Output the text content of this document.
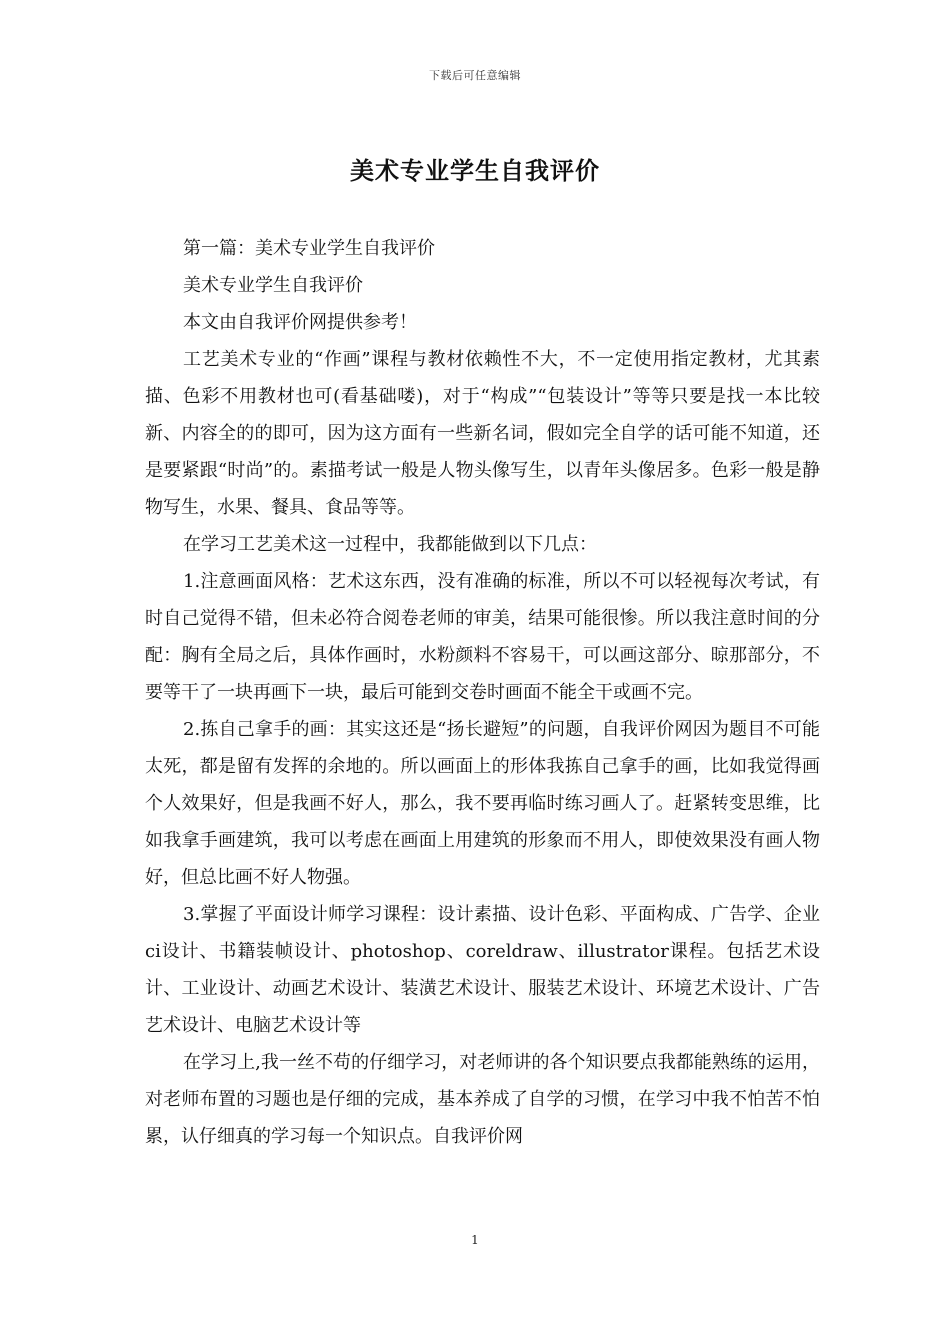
下载后可任意编辑
美术专业学生自我评价

第一篇：美术专业学生自我评价

美术专业学生自我评价

本文由自我评价网提供参考！

工艺美术专业的“作画”课程与教材依赖性不大，不一定使用指定教材，尤其素描、色彩不用教材也可(看基础喽)，对于“构成”“包装设计”等等只要是找一本比较新、内容全的的即可，因为这方面有一些新名词，假如完全自学的话可能不知道，还是要紧跟“时尚”的。素描考试一般是人物头像写生，以青年头像居多。色彩一般是静物写生，水果、餐具、食品等等。

在学习工艺美术这一过程中，我都能做到以下几点：

1.注意画面风格：艺术这东西，没有准确的标准，所以不可以轻视每次考试，有时自己觉得不错，但未必符合阅卷老师的审美，结果可能很惨。所以我注意时间的分配：胸有全局之后，具体作画时，水粉颜料不容易干，可以画这部分、晾那部分，不要等干了一块再画下一块，最后可能到交卷时画面不能全干或画不完。

2.拣自己拿手的画：其实这还是“扬长避短”的问题，自我评价网因为题目不可能太死，都是留有发挥的余地的。所以画面上的形体我拣自己拿手的画，比如我觉得画个人效果好，但是我画不好人，那么，我不要再临时练习画人了。赶紧转变思维，比如我拿手画建筑，我可以考虑在画面上用建筑的形象而不用人，即使效果没有画人物好，但总比画不好人物强。

3.掌握了平面设计师学习课程：设计素描、设计色彩、平面构成、广告学、企业ci设计、书籍装帧设计、photoshop、coreldraw、illustrator课程。包括艺术设计、工业设计、动画艺术设计、装潢艺术设计、服装艺术设计、环境艺术设计、广告艺术设计、电脑艺术设计等

在学习上,我一丝不苟的仔细学习，对老师讲的各个知识要点我都能熟练的运用，对老师布置的习题也是仔细的完成，基本养成了自学的习惯，在学习中我不怕苦不怕累，认仔细真的学习每一个知识点。自我评价网

1
